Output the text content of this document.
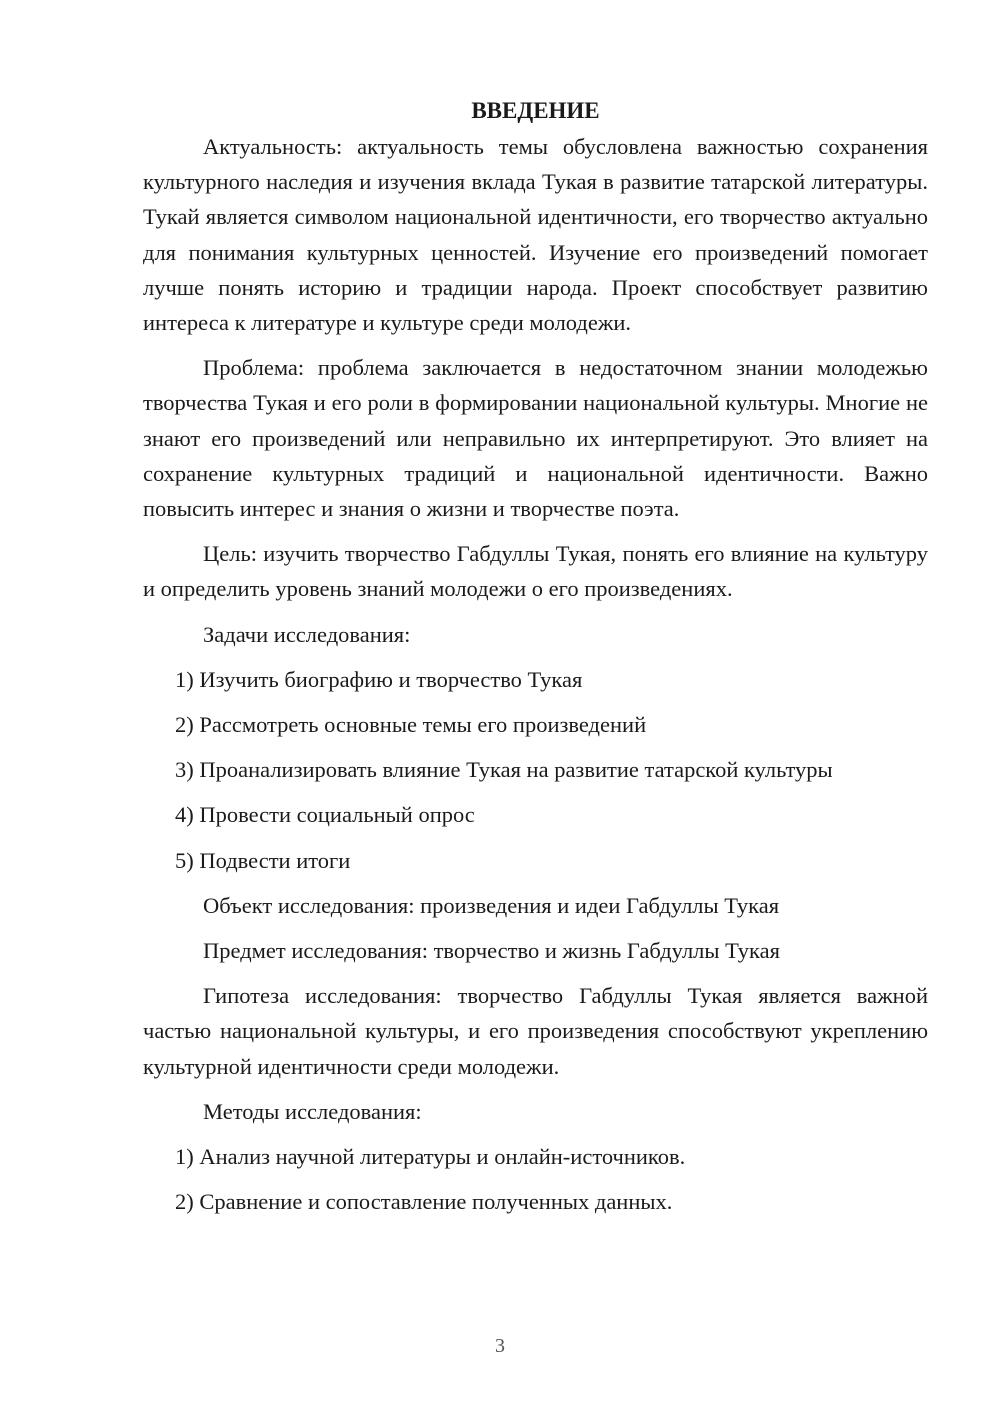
ВВЕДЕНИЕ

Актуальность: актуальность темы обусловлена важностью сохранения культурного наследия и изучения вклада Тукая в развитие татарской литературы. Тукай является символом национальной идентичности, его творчество актуально для понимания культурных ценностей. Изучение его произведений помогает лучше понять историю и традиции народа. Проект способствует развитию интереса к литературе и культуре среди молодежи.

Проблема: проблема заключается в недостаточном знании молодежью творчества Тукая и его роли в формировании национальной культуры. Многие не знают его произведений или неправильно их интерпретируют. Это влияет на сохранение культурных традиций и национальной идентичности. Важно повысить интерес и знания о жизни и творчестве поэта.

Цель: изучить творчество Габдуллы Тукая, понять его влияние на культуру и определить уровень знаний молодежи о его произведениях.

Задачи исследования:

1) Изучить биографию и творчество Тукая
2) Рассмотреть основные темы его произведений
3) Проанализировать влияние Тукая на развитие татарской культуры
4) Провести социальный опрос
5) Подвести итоги

Объект исследования: произведения и идеи Габдуллы Тукая

Предмет исследования: творчество и жизнь Габдуллы Тукая

Гипотеза исследования: творчество Габдуллы Тукая является важной частью национальной культуры, и его произведения способствуют укреплению культурной идентичности среди молодежи.

Методы исследования:

1) Анализ научной литературы и онлайн-источников.
2) Сравнение и сопоставление полученных данных.
3
